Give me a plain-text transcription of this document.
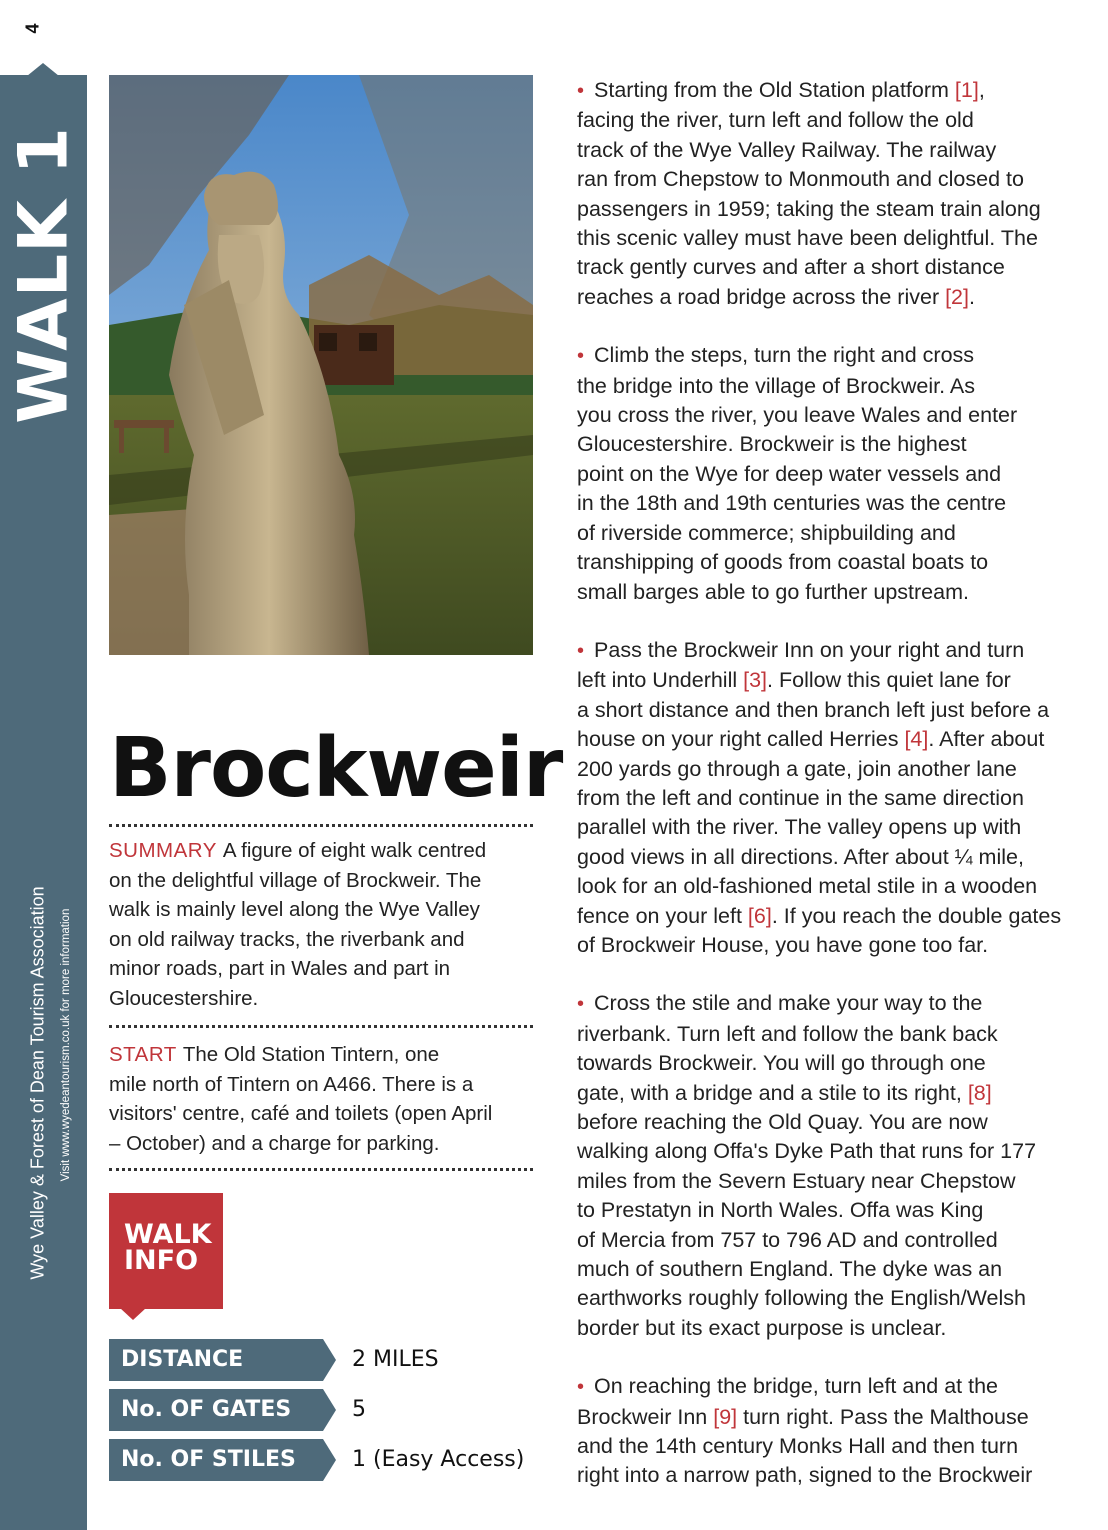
4
WALK 1
Wye Valley & Forest of Dean Tourism Association Visit www.wyedeantourism.co.uk for more information
Brockweir
SUMMARY A figure of eight walk centred
on the delightful village of Brockweir. The
walk is mainly level along the Wye Valley
on old railway tracks, the riverbank and
minor roads, part in Wales and part in
Gloucestershire.
START The Old Station Tintern, one
mile north of Tintern on A466. There is a
visitors' centre, café and toilets (open April
– October) and a charge for parking.
WALK
INFO
DISTANCE	2 MILES
No. OF GATES	5
No. OF STILES	1 (Easy Access)
• Starting from the Old Station platform [1],
facing the river, turn left and follow the old
track of the Wye Valley Railway. The railway
ran from Chepstow to Monmouth and closed to
passengers in 1959; taking the steam train along
this scenic valley must have been delightful. The
track gently curves and after a short distance
reaches a road bridge across the river [2].
• Climb the steps, turn the right and cross
the bridge into the village of Brockweir. As
you cross the river, you leave Wales and enter
Gloucestershire. Brockweir is the highest
point on the Wye for deep water vessels and
in the 18th and 19th centuries was the centre
of riverside commerce; shipbuilding and
transhipping of goods from coastal boats to
small barges able to go further upstream.
• Pass the Brockweir Inn on your right and turn
left into Underhill [3]. Follow this quiet lane for
a short distance and then branch left just before a
house on your right called Herries [4]. After about
200 yards go through a gate, join another lane
from the left and continue in the same direction
parallel with the river. The valley opens up with
good views in all directions. After about ¼ mile,
look for an old-fashioned metal stile in a wooden
fence on your left [6]. If you reach the double gates
of Brockweir House, you have gone too far.
• Cross the stile and make your way to the
riverbank. Turn left and follow the bank back
towards Brockweir. You will go through one
gate, with a bridge and a stile to its right, [8]
before reaching the Old Quay. You are now
walking along Offa's Dyke Path that runs for 177
miles from the Severn Estuary near Chepstow
to Prestatyn in North Wales. Offa was King
of Mercia from 757 to 796 AD and controlled
much of southern England. The dyke was an
earthworks roughly following the English/Welsh
border but its exact purpose is unclear.
• On reaching the bridge, turn left and at the
Brockweir Inn [9] turn right. Pass the Malthouse
and the 14th century Monks Hall and then turn
right into a narrow path, signed to the Brockweir
